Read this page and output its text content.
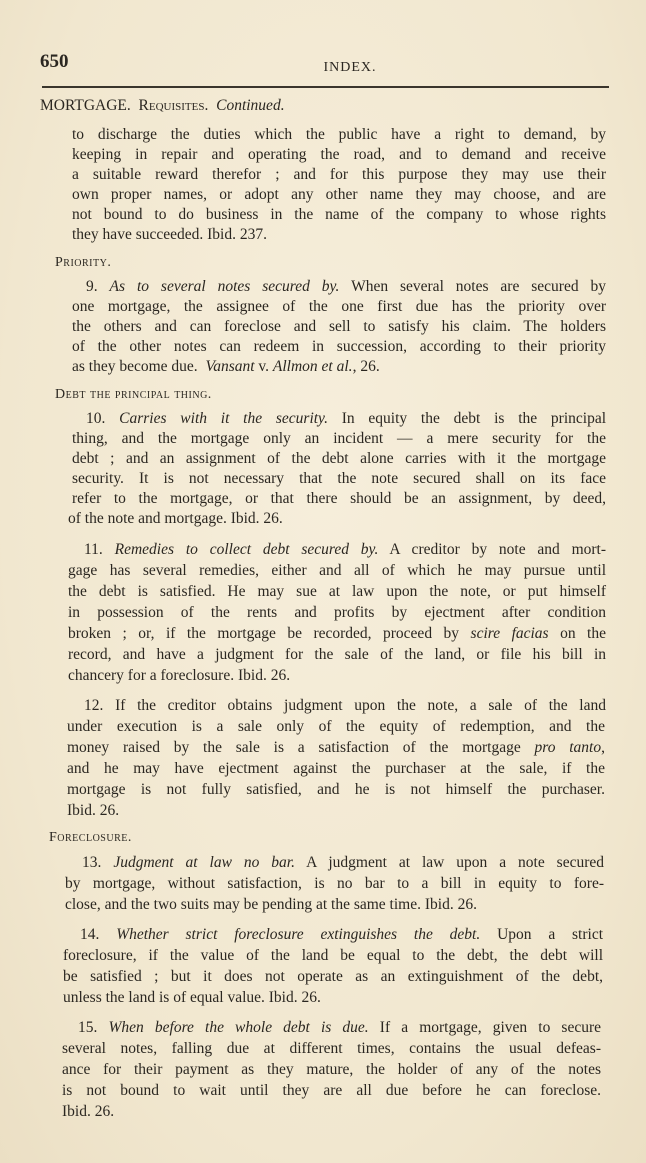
650	INDEX.
MORTGAGE. Requisites. Continued.
to discharge the duties which the public have a right to demand, by
keeping in repair and operating the road, and to demand and receive
a suitable reward therefor ; and for this purpose they may use their
own proper names, or adopt any other name they may choose, and are
not bound to do business in the name of the company to whose rights
they have succeeded. Ibid. 237.
Priority.
9. As to several notes secured by. When several notes are secured by
one mortgage, the assignee of the one first due has the priority over
the others and can foreclose and sell to satisfy his claim. The holders
of the other notes can redeem in succession, according to their priority
as they become due. Vansant v. Allmon et al., 26.
Debt the principal thing.
10. Carries with it the security. In equity the debt is the principal
thing, and the mortgage only an incident — a mere security for the
debt ; and an assignment of the debt alone carries with it the mortgage
security. It is not necessary that the note secured shall on its face
refer to the mortgage, or that there should be an assignment, by deed,
of the note and mortgage. Ibid. 26.
11. Remedies to collect debt secured by. A creditor by note and mort-
gage has several remedies, either and all of which he may pursue until
the debt is satisfied. He may sue at law upon the note, or put himself
in possession of the rents and profits by ejectment after condition
broken ; or, if the mortgage be recorded, proceed by scire facias on the
record, and have a judgment for the sale of the land, or file his bill in
chancery for a foreclosure. Ibid. 26.
12. If the creditor obtains judgment upon the note, a sale of the land
under execution is a sale only of the equity of redemption, and the
money raised by the sale is a satisfaction of the mortgage pro tanto,
and he may have ejectment against the purchaser at the sale, if the
mortgage is not fully satisfied, and he is not himself the purchaser.
Ibid. 26.
Foreclosure.
13. Judgment at law no bar. A judgment at law upon a note secured
by mortgage, without satisfaction, is no bar to a bill in equity to fore-
close, and the two suits may be pending at the same time. Ibid. 26.
14. Whether strict foreclosure extinguishes the debt. Upon a strict
foreclosure, if the value of the land be equal to the debt, the debt will
be satisfied ; but it does not operate as an extinguishment of the debt,
unless the land is of equal value. Ibid. 26.
15. When before the whole debt is due. If a mortgage, given to secure
several notes, falling due at different times, contains the usual defeas-
ance for their payment as they mature, the holder of any of the notes
is not bound to wait until they are all due before he can foreclose.
Ibid. 26.
